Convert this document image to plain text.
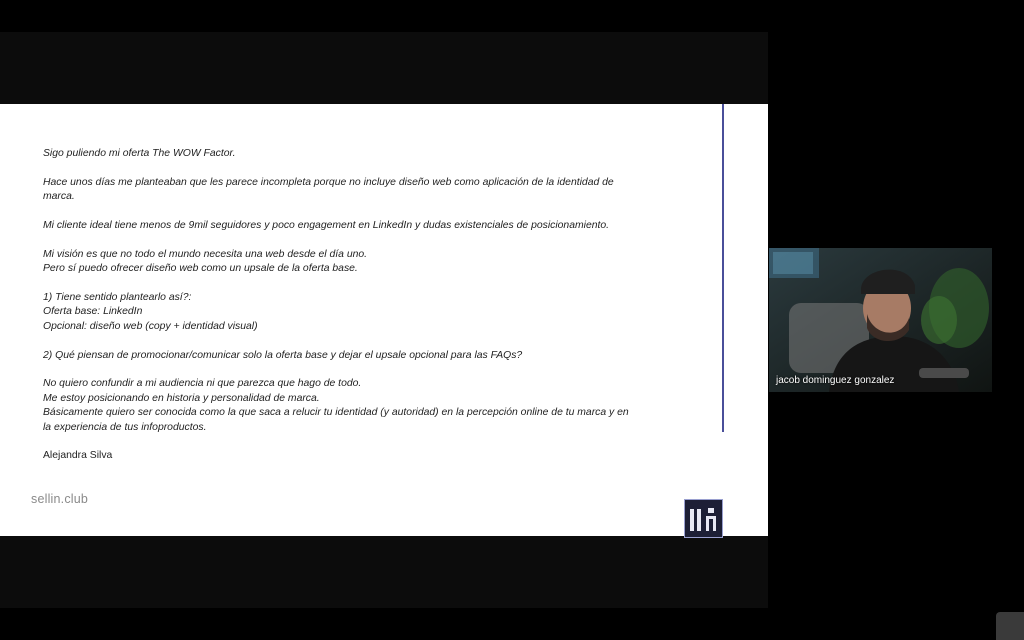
Sigo puliendo mi oferta The WOW Factor.

Hace unos días me planteaban que les parece incompleta porque no incluye diseño web como aplicación de la identidad de
marca.

Mi cliente ideal tiene menos de 9mil seguidores y poco engagement en LinkedIn y dudas existenciales de posicionamiento.

Mi visión es que no todo el mundo necesita una web desde el día uno.
Pero sí puedo ofrecer diseño web como un upsale de la oferta base.

1) Tiene sentido plantearlo así?:
Oferta base: LinkedIn
Opcional: diseño web (copy + identidad visual)

2) Qué piensan de promocionar/comunicar solo la oferta base y dejar el upsale opcional para las FAQs?

No quiero confundir a mi audiencia ni que parezca que hago de todo.
Me estoy posicionando en historia y personalidad de marca.
Básicamente quiero ser conocida como la que saca a relucir tu identidad (y autoridad) en la percepción online de tu marca y en
la experiencia de tus infoproductos.

Alejandra Silva
sellin.club
jacob dominguez gonzalez
